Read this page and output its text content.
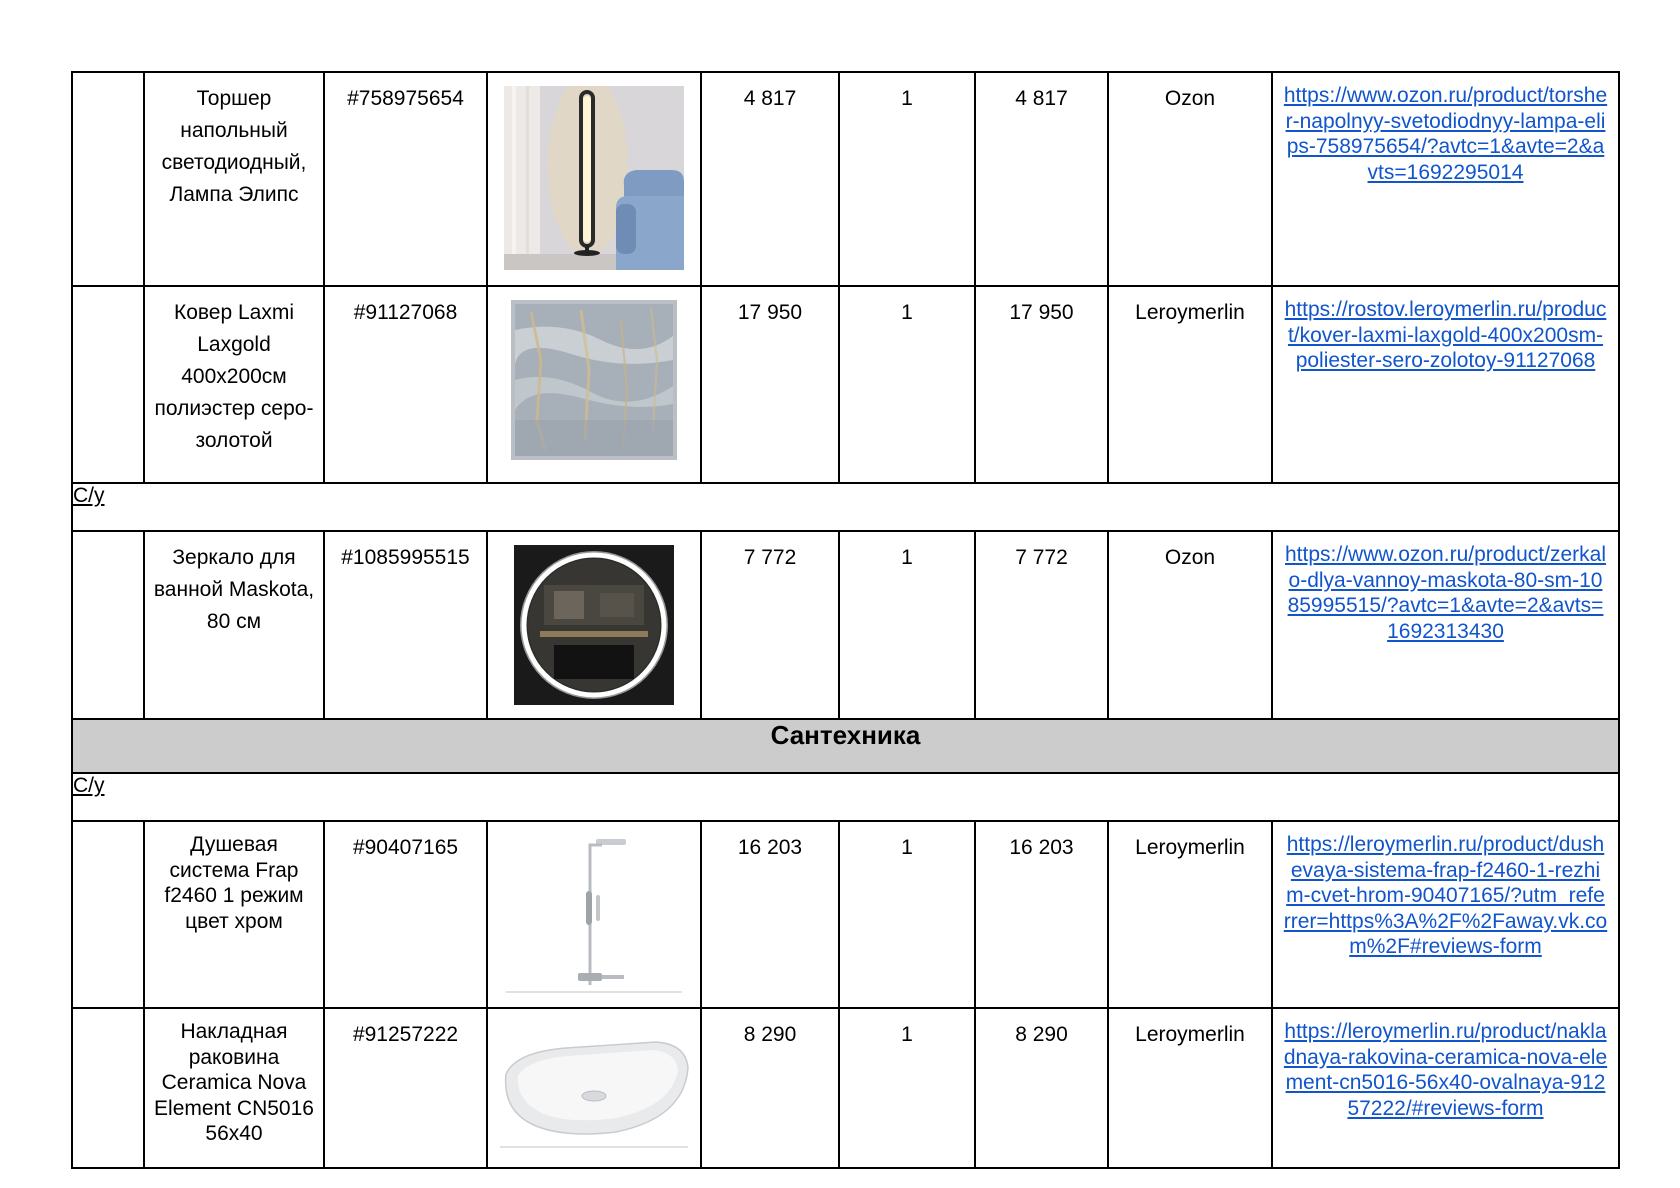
	Торшер напольный светодиодный, Лампа Элипс	#758975654		4 817	1	4 817	Ozon	https://www.ozon.ru/product/torsher-napolnyy-svetodiodnyy-lampa-elips-758975654/?avtc=1&avte=2&avts=1692295014
	Ковер Laxmi Laxgold 400x200см полиэстер серо-золотой	#91127068		17 950	1	17 950	Leroymerlin	https://rostov.leroymerlin.ru/product/kover-laxmi-laxgold-400x200sm-poliester-sero-zolotoy-91127068
С/у								
	Зеркало для ванной Maskota, 80 см	#1085995515		7 772	1	7 772	Ozon	https://www.ozon.ru/product/zerkalo-dlya-vannoy-maskota-80-sm-1085995515/?avtc=1&avte=2&avts=1692313430
Сантехника								
С/у								
	Душевая система Frap f2460 1 режим цвет хром	#90407165		16 203	1	16 203	Leroymerlin	https://leroymerlin.ru/product/dushevaya-sistema-frap-f2460-1-rezhim-cvet-hrom-90407165/?utm_referrer=https%3A%2F%2Faway.vk.com%2F#reviews-form
	Накладная раковина Ceramica Nova Element CN5016 56x40	#91257222		8 290	1	8 290	Leroymerlin	https://leroymerlin.ru/product/nakladnaya-rakovina-ceramica-nova-element-cn5016-56x40-ovalnaya-91257222/#reviews-form
